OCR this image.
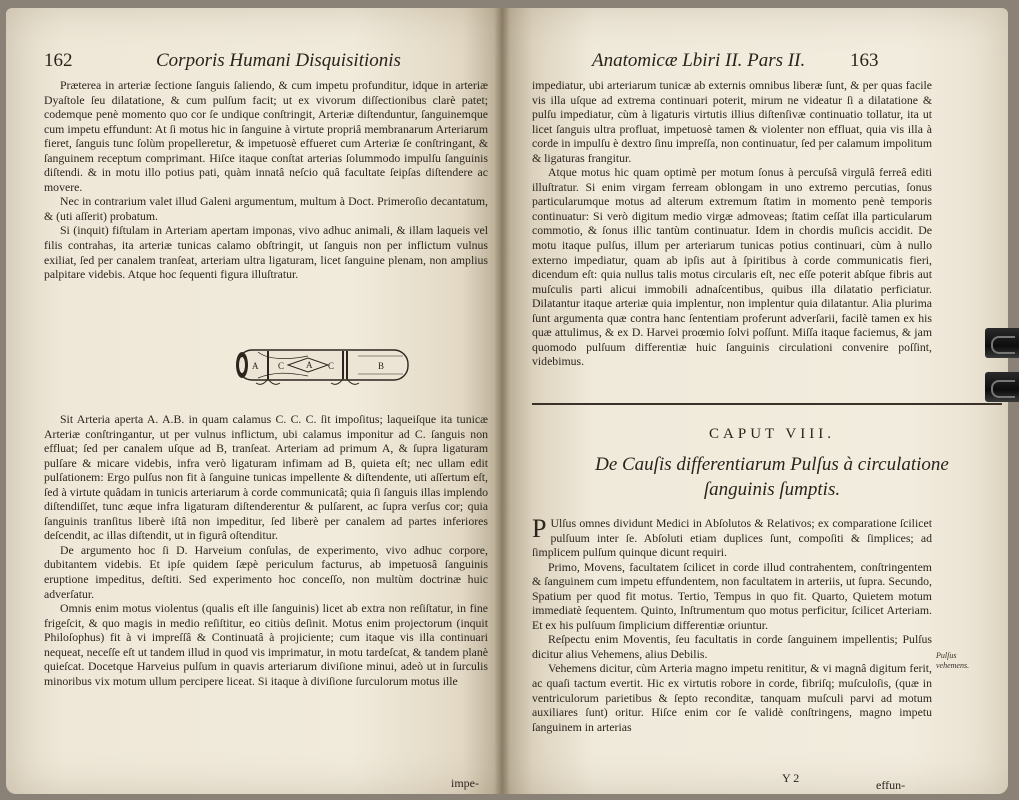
162	Corporis Humani Disquisitionis

Præterea in arteriæ ſectione ſanguis ſaliendo, & cum impetu profunditur, idque in arteriæ Dyaſtole ſeu dilatatione, & cum pulſum facit; ut ex vivorum diſſectionibus clarè patet; codemque penè momento quo cor ſe undique conſtringit, Arteriæ diſtenduntur, ſanguinemque cum impetu effundunt: At ſi motus hic in ſanguine à virtute propriâ membranarum Arteriarum fieret, ſanguis tunc ſolùm propelleretur, & impetuosè effueret cum Arteriæ ſe conſtringant, & ſanguinem receptum comprimant. Hiſce itaque conſtat arterias ſolummodo impulſu ſanguinis diſtendi. & in motu illo potius pati, quàm innatâ neſcio quâ facultate ſeipſas diſtendere ac movere.

Nec in contrarium valet illud Galeni argumentum, multum à Doct. Primeroſio decantatum, & (uti aſſerit) probatum.

Si (inquit) fiſtulam in Arteriam apertam imponas, vivo adhuc animali, & illam laqueis vel filis contrahas, ita arteriæ tunicas calamo obſtringit, ut ſanguis non per inflictum vulnus exiliat, ſed per canalem tranſeat, arteriam ultra ligaturam, licet ſanguine plenam, non amplius palpitare videbis. Atque hoc ſequenti figura illuſtratur.

A C A C	B

Sit Arteria aperta A. A.B. in quam calamus C. C. C. ſit impoſitus; laqueiſque ita tunicæ Arteriæ conſtringantur, ut per vulnus inflictum, ubi calamus imponitur ad C. ſanguis non effluat; ſed per canalem uſque ad B, tranſeat. Arteriam ad primum A, & ſupra ligaturam pulſare & micare videbis, infra verò ligaturam infimam ad B, quieta eſt; nec ullam edit pulſationem: Ergo pulſus non fit à ſanguine tunicas impellente & diſtendente, uti aſſertum eſt, ſed à virtute quâdam in tunicis arteriarum à corde communicatâ; quia ſi ſanguis illas implendo diſtendiſſet, tunc æque infra ligaturam diſtenderentur & pulſarent, ac ſupra verſus cor; quia ſanguinis tranſitus liberè iſtâ non impeditur, ſed liberè per canalem ad partes inferiores deſcendit, ac illas diſtendit, ut in figurâ oſtenditur.

De argumento hoc ſi D. Harveium conſulas, de experimento, vivo adhuc corpore, dubitantem videbis. Et ipſe quidem ſæpè periculum facturus, ab impetuosâ ſanguinis eruptione impeditus, deſtiti. Sed experimento hoc conceſſo, non multùm doctrinæ huic adverſatur.

Omnis enim motus violentus (qualis eſt ille ſanguinis) licet ab extra non reſiſtatur, in fine frigeſcit, & quo magis in medio reſiſtitur, eo citiùs deſinit. Motus enim projectorum (inquit Philoſophus) fit à vi impreſſâ & Continuatâ à projiciente; cum itaque vis illa continuari nequeat, neceſſe eſt ut tandem illud in quod vis imprimatur, in motu tardeſcat, & tandem planè quieſcat. Docetque Harveius pulſum in quavis arteriarum diviſione minui, adeò ut in ſurculis minoribus vix motum ullum percipere liceat. Si itaque à diviſione ſurculorum motus ille

impe-
Anatomicæ Lbiri II. Pars II. 163

impediatur, ubi arteriarum tunicæ ab externis omnibus liberæ ſunt, & per quas facile vis illa uſque ad extrema continuari poterit, mirum ne videatur ſi a dilatatione & pulſu impediatur, cùm à ligaturis virtutis illius diſtenſivæ continuatio tollatur, ita ut licet ſanguis ultra profluat, impetuosè tamen & violenter non effluat, quia vis illa à corde in impulſu è dextro ſinu impreſſa, non continuatur, ſed per calamum impolitum & ligaturas frangitur.

Atque motus hic quam optimè per motum ſonus à percuſsâ virgulâ ferreâ editi illuſtratur. Si enim virgam ferream oblongam in uno extremo percutias, ſonus particularumque motus ad alterum extremum ſtatim in momento penè temporis continuatur: Si verò digitum medio virgæ admoveas; ſtatim ceſſat illa particularum commotio, & ſonus illic tantùm continuatur. Idem in chordis muſicis accidit. De motu itaque pulſus, illum per arteriarum tunicas potius continuari, cùm à nullo externo impediatur, quam ab ipſis aut à ſpiritibus à corde communicatis fieri, dicendum eſt: quia nullus talis motus circularis eſt, nec eſſe poterit abſque fibris aut muſculis parti alicui immobili adnaſcentibus, quibus illa dilatatio perficiatur. Dilatantur itaque arteriæ quia implentur, non implentur quia dilatantur. Alia plurima ſunt argumenta quæ contra hanc ſententiam proferunt adverſarii, facilè tamen ex his quæ attulimus, & ex D. Harvei proœmio ſolvi poſſunt. Miſſa itaque faciemus, & jam quomodo pulſuum differentiæ huic ſanguinis circulationi convenire poſſint, videbimus.

CAPUT VIII.
De Cauſis differentiarum Pulſus à circulatione
ſanguinis ſumptis.

P Ulſus omnes dividunt Medici in Abſolutos & Relativos; ex comparatione ſcilicet pulſuum inter ſe. Abſoluti etiam duplices ſunt, compoſiti & ſimplices; ad ſimplicem pulſum quinque dicunt requiri.

Primo, Movens, facultatem ſcilicet in corde illud contrahentem, conſtringentem & ſanguinem cum impetu effundentem, non facultatem in arteriis, ut ſupra. Secundo, Spatium per quod fit motus. Tertio, Tempus in quo fit. Quarto, Quietem motum immediatè ſequentem. Quinto, Inſtrumentum quo motus perficitur, ſcilicet Arteriam. Et ex his pulſuum ſimplicium differentiæ oriuntur.

Reſpectu enim Moventis, ſeu facultatis in corde ſanguinem impellentis; Pulſus dicitur alius Vehemens, alius Debilis.

Vehemens dicitur, cùm Arteria magno impetu renititur, & vi magnâ digitum ferit, ac quaſi tactum evertit. Hic ex virtutis robore in corde, fibriſq; muſculoſis, (quæ in ventriculorum parietibus & ſepto reconditæ, tanquam muſculi parvi ad motum auxiliares ſunt) oritur. Hiſce enim cor ſe validè conſtringens, magno impetu ſanguinem in arterias

Pulſus vehemens.
Y 2	effun-
